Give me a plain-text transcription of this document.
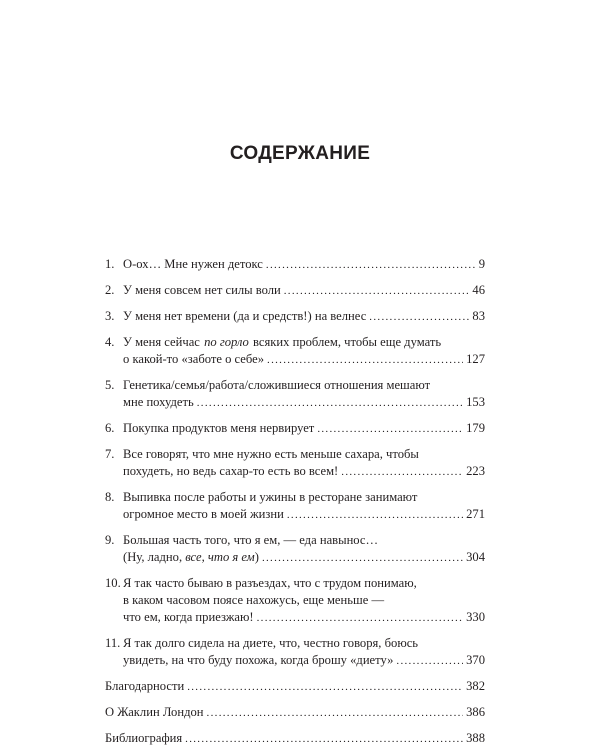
СОДЕРЖАНИЕ
1. О-ох… Мне нужен детокс .....	9
2. У меня совсем нет силы воли .....	46
3. У меня нет времени (да и средств!) на велнес .....	83
4. У меня сейчас  по горло  всяких проблем, чтобы еще думать
о какой-то «заботе о себе» .....	127
5. Генетика/семья/работа/сложившиеся отношения мешают
мне похудеть .....	153
6. Покупка продуктов меня нервирует .....	179
7. Все говорят, что мне нужно есть меньше сахара, чтобы
похудеть, но ведь сахар-то есть во всем! .....	223
8. Выпивка после работы и ужины в ресторане занимают
огромное место в моей жизни .....	271
9. Большая часть того, что я ем, — еда навынос…
(Ну, ладно, все, что я ем) .....	304
10. Я так часто бываю в разъездах, что с трудом понимаю,
в каком часовом поясе нахожусь, еще меньше —
что ем, когда приезжаю! .....	330
11. Я так долго сидела на диете, что, честно говоря, боюсь
увидеть, на что буду похожа, когда брошу «диету» .....	370
Благодарности .....	382
О Жаклин Лондон .....	386
Библиография .....	388
